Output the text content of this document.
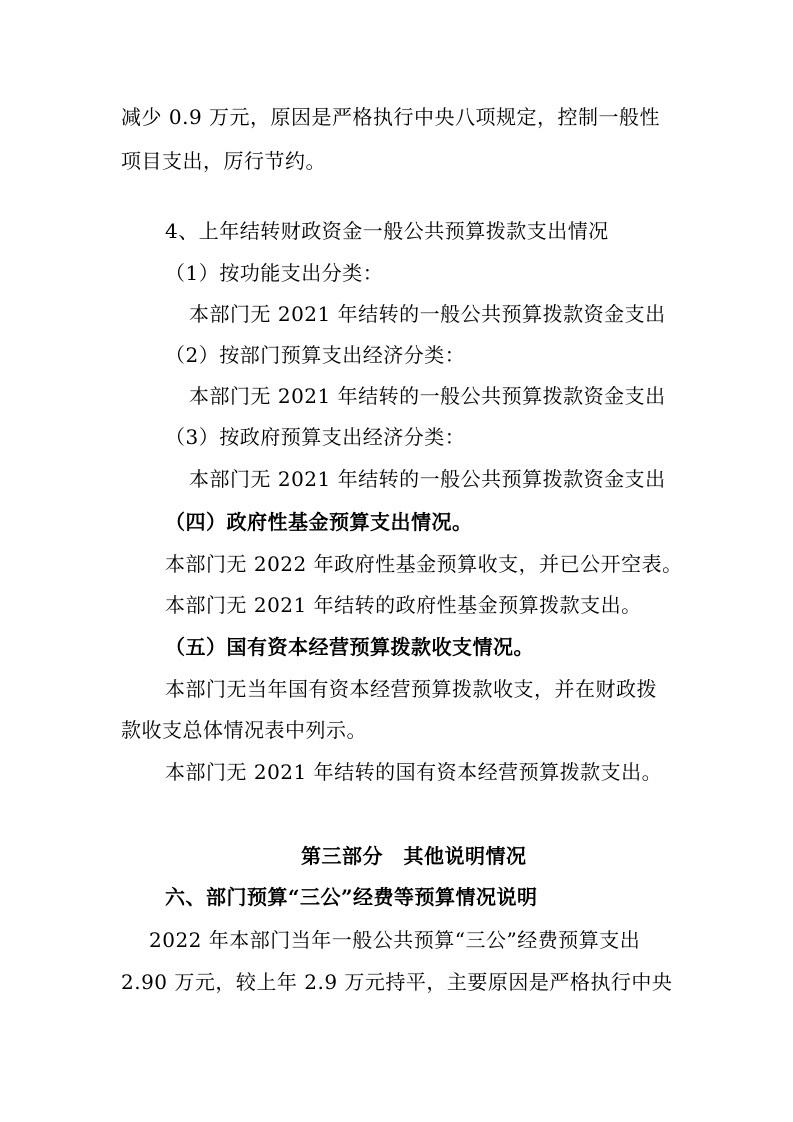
减少 0.9 万元，原因是严格执行中央八项规定，控制一般性
项目支出，厉行节约。
4、上年结转财政资金一般公共预算拨款支出情况
（1）按功能支出分类：
本部门无 2021 年结转的一般公共预算拨款资金支出
（2）按部门预算支出经济分类：
本部门无 2021 年结转的一般公共预算拨款资金支出
（3）按政府预算支出经济分类：
本部门无 2021 年结转的一般公共预算拨款资金支出
（四）政府性基金预算支出情况。
本部门无 2022 年政府性基金预算收支，并已公开空表。
本部门无 2021 年结转的政府性基金预算拨款支出。
（五）国有资本经营预算拨款收支情况。
本部门无当年国有资本经营预算拨款收支，并在财政拨
款收支总体情况表中列示。
本部门无 2021 年结转的国有资本经营预算拨款支出。
第三部分　其他说明情况
六、部门预算“三公”经费等预算情况说明
2022 年本部门当年一般公共预算“三公”经费预算支出
2.90 万元，较上年 2.9 万元持平，主要原因是严格执行中央
